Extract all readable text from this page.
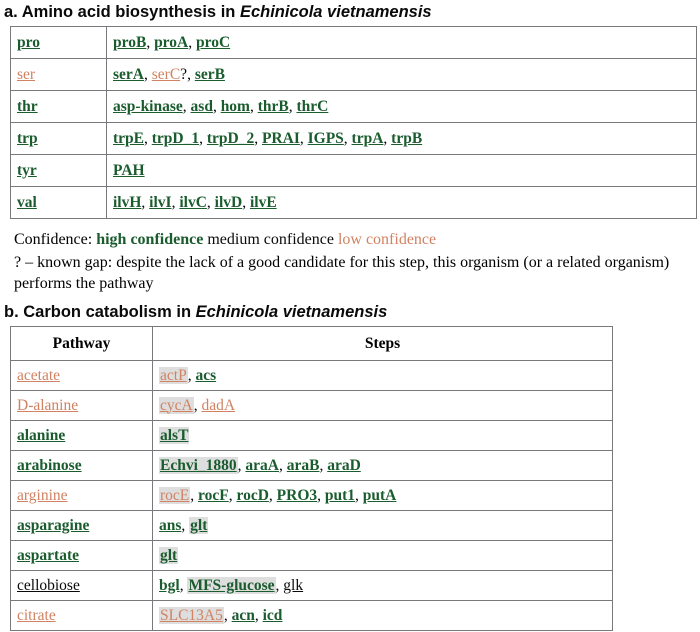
a. Amino acid biosynthesis in Echinicola vietnamensis
pro	proB, proA, proC
ser	serA, serC?, serB
thr	asp-kinase, asd, hom, thrB, thrC
trp	trpE, trpD_1, trpD_2, PRAI, IGPS, trpA, trpB
tyr	PAH
val	ilvH, ilvI, ilvC, ilvD, ilvE

Confidence: high confidence medium confidence low confidence

? – known gap: despite the lack of a good candidate for this step, this organism (or a related organism) performs the pathway

b. Carbon catabolism in Echinicola vietnamensis
Pathway	Steps
acetate	actP, acs
D-alanine	cycA, dadA
alanine	alsT
arabinose	Echvi_1880, araA, araB, araD
arginine	rocE, rocF, rocD, PRO3, put1, putA
asparagine	ans, glt
aspartate	glt
cellobiose	bgl, MFS-glucose, glk
citrate	SLC13A5, acn, icd
